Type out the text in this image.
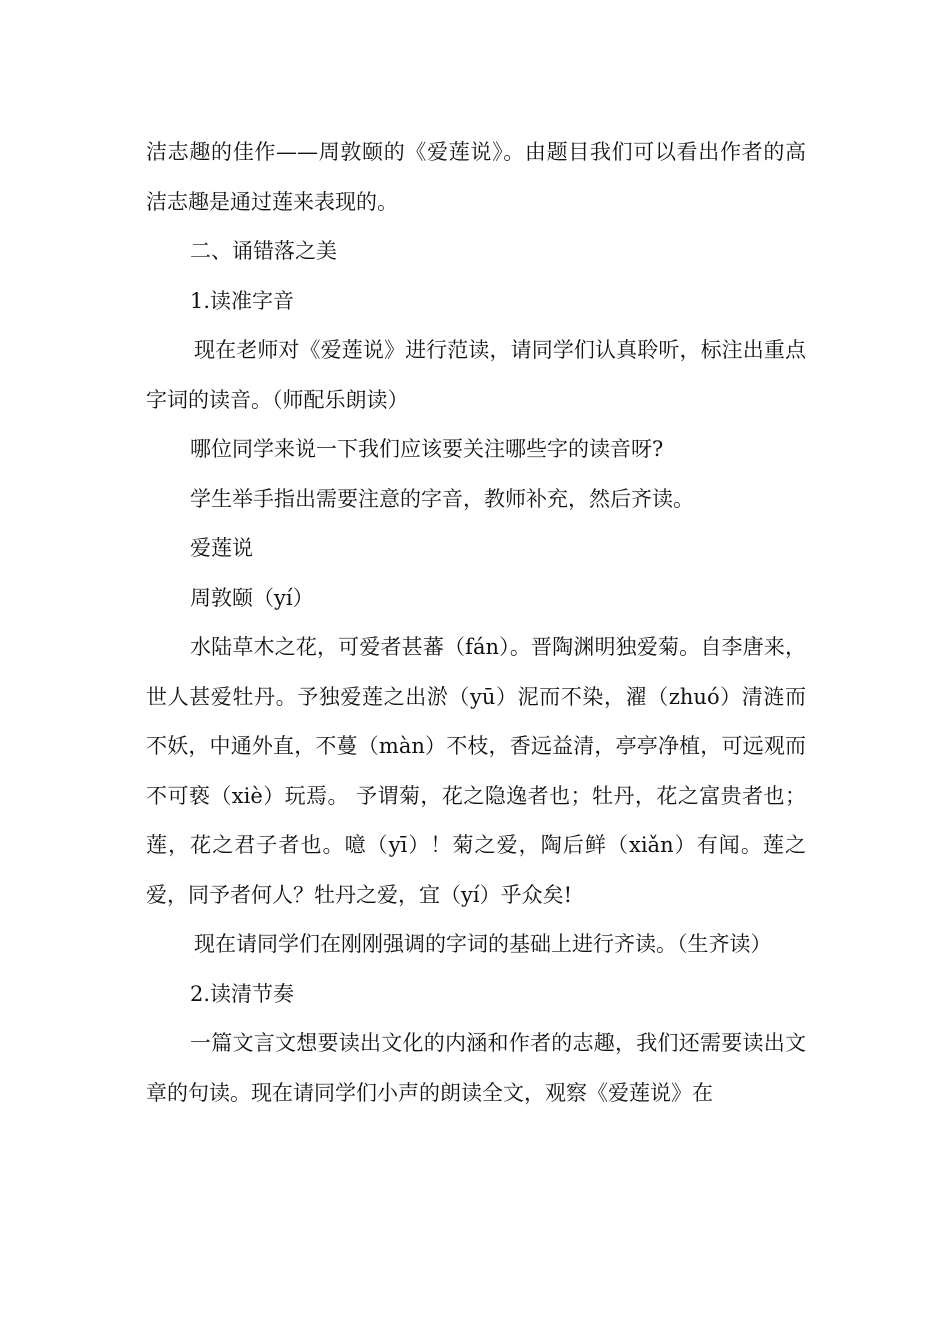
洁志趣的佳作——周敦颐的《爱莲说》。由题目我们可以看出作者的高洁志趣是通过莲来表现的。

二、诵错落之美

1.读准字音

现在老师对《爱莲说》进行范读，请同学们认真聆听，标注出重点字词的读音。（师配乐朗读）

哪位同学来说一下我们应该要关注哪些字的读音呀?

学生举手指出需要注意的字音，教师补充，然后齐读。

爱莲说

周敦颐（yí）

水陆草木之花，可爱者甚蕃（fán）。晋陶渊明独爱菊。自李唐来，世人甚爱牡丹。予独爱莲之出淤（yū）泥而不染，濯（zhuó）清涟而不妖，中通外直，不蔓（màn）不枝，香远益清，亭亭净植，可远观而不可亵（xiè）玩焉。 予谓菊，花之隐逸者也；牡丹，花之富贵者也；莲，花之君子者也。噫（yī）！菊之爱，陶后鲜（xiǎn）有闻。莲之爱，同予者何人？牡丹之爱，宜（yí）乎众矣!

现在请同学们在刚刚强调的字词的基础上进行齐读。（生齐读）

2.读清节奏

一篇文言文想要读出文化的内涵和作者的志趣，我们还需要读出文章的句读。现在请同学们小声的朗读全文，观察《爱莲说》在
